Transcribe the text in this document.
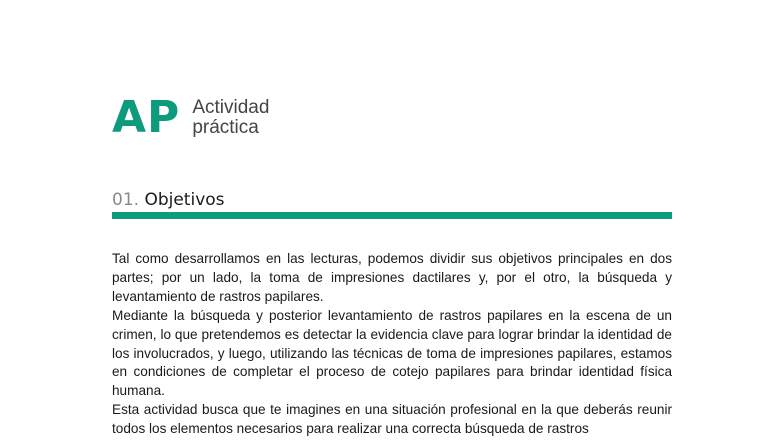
AP Actividad
práctica
01. Objetivos

Tal como desarrollamos en las lecturas, podemos dividir sus objetivos principales en dos partes; por un lado, la toma de impresiones dactilares y, por el otro, la búsqueda y levantamiento de rastros papilares.

Mediante la búsqueda y posterior levantamiento de rastros papilares en la escena de un crimen, lo que pretendemos es detectar la evidencia clave para lograr brindar la identidad de los involucrados, y luego, utilizando las técnicas de toma de impresiones papilares, estamos en condiciones de completar el proceso de cotejo papilares para brindar identidad física humana.

Esta actividad busca que te imagines en una situación profesional en la que deberás reunir todos los elementos necesarios para realizar una correcta búsqueda de rastros
